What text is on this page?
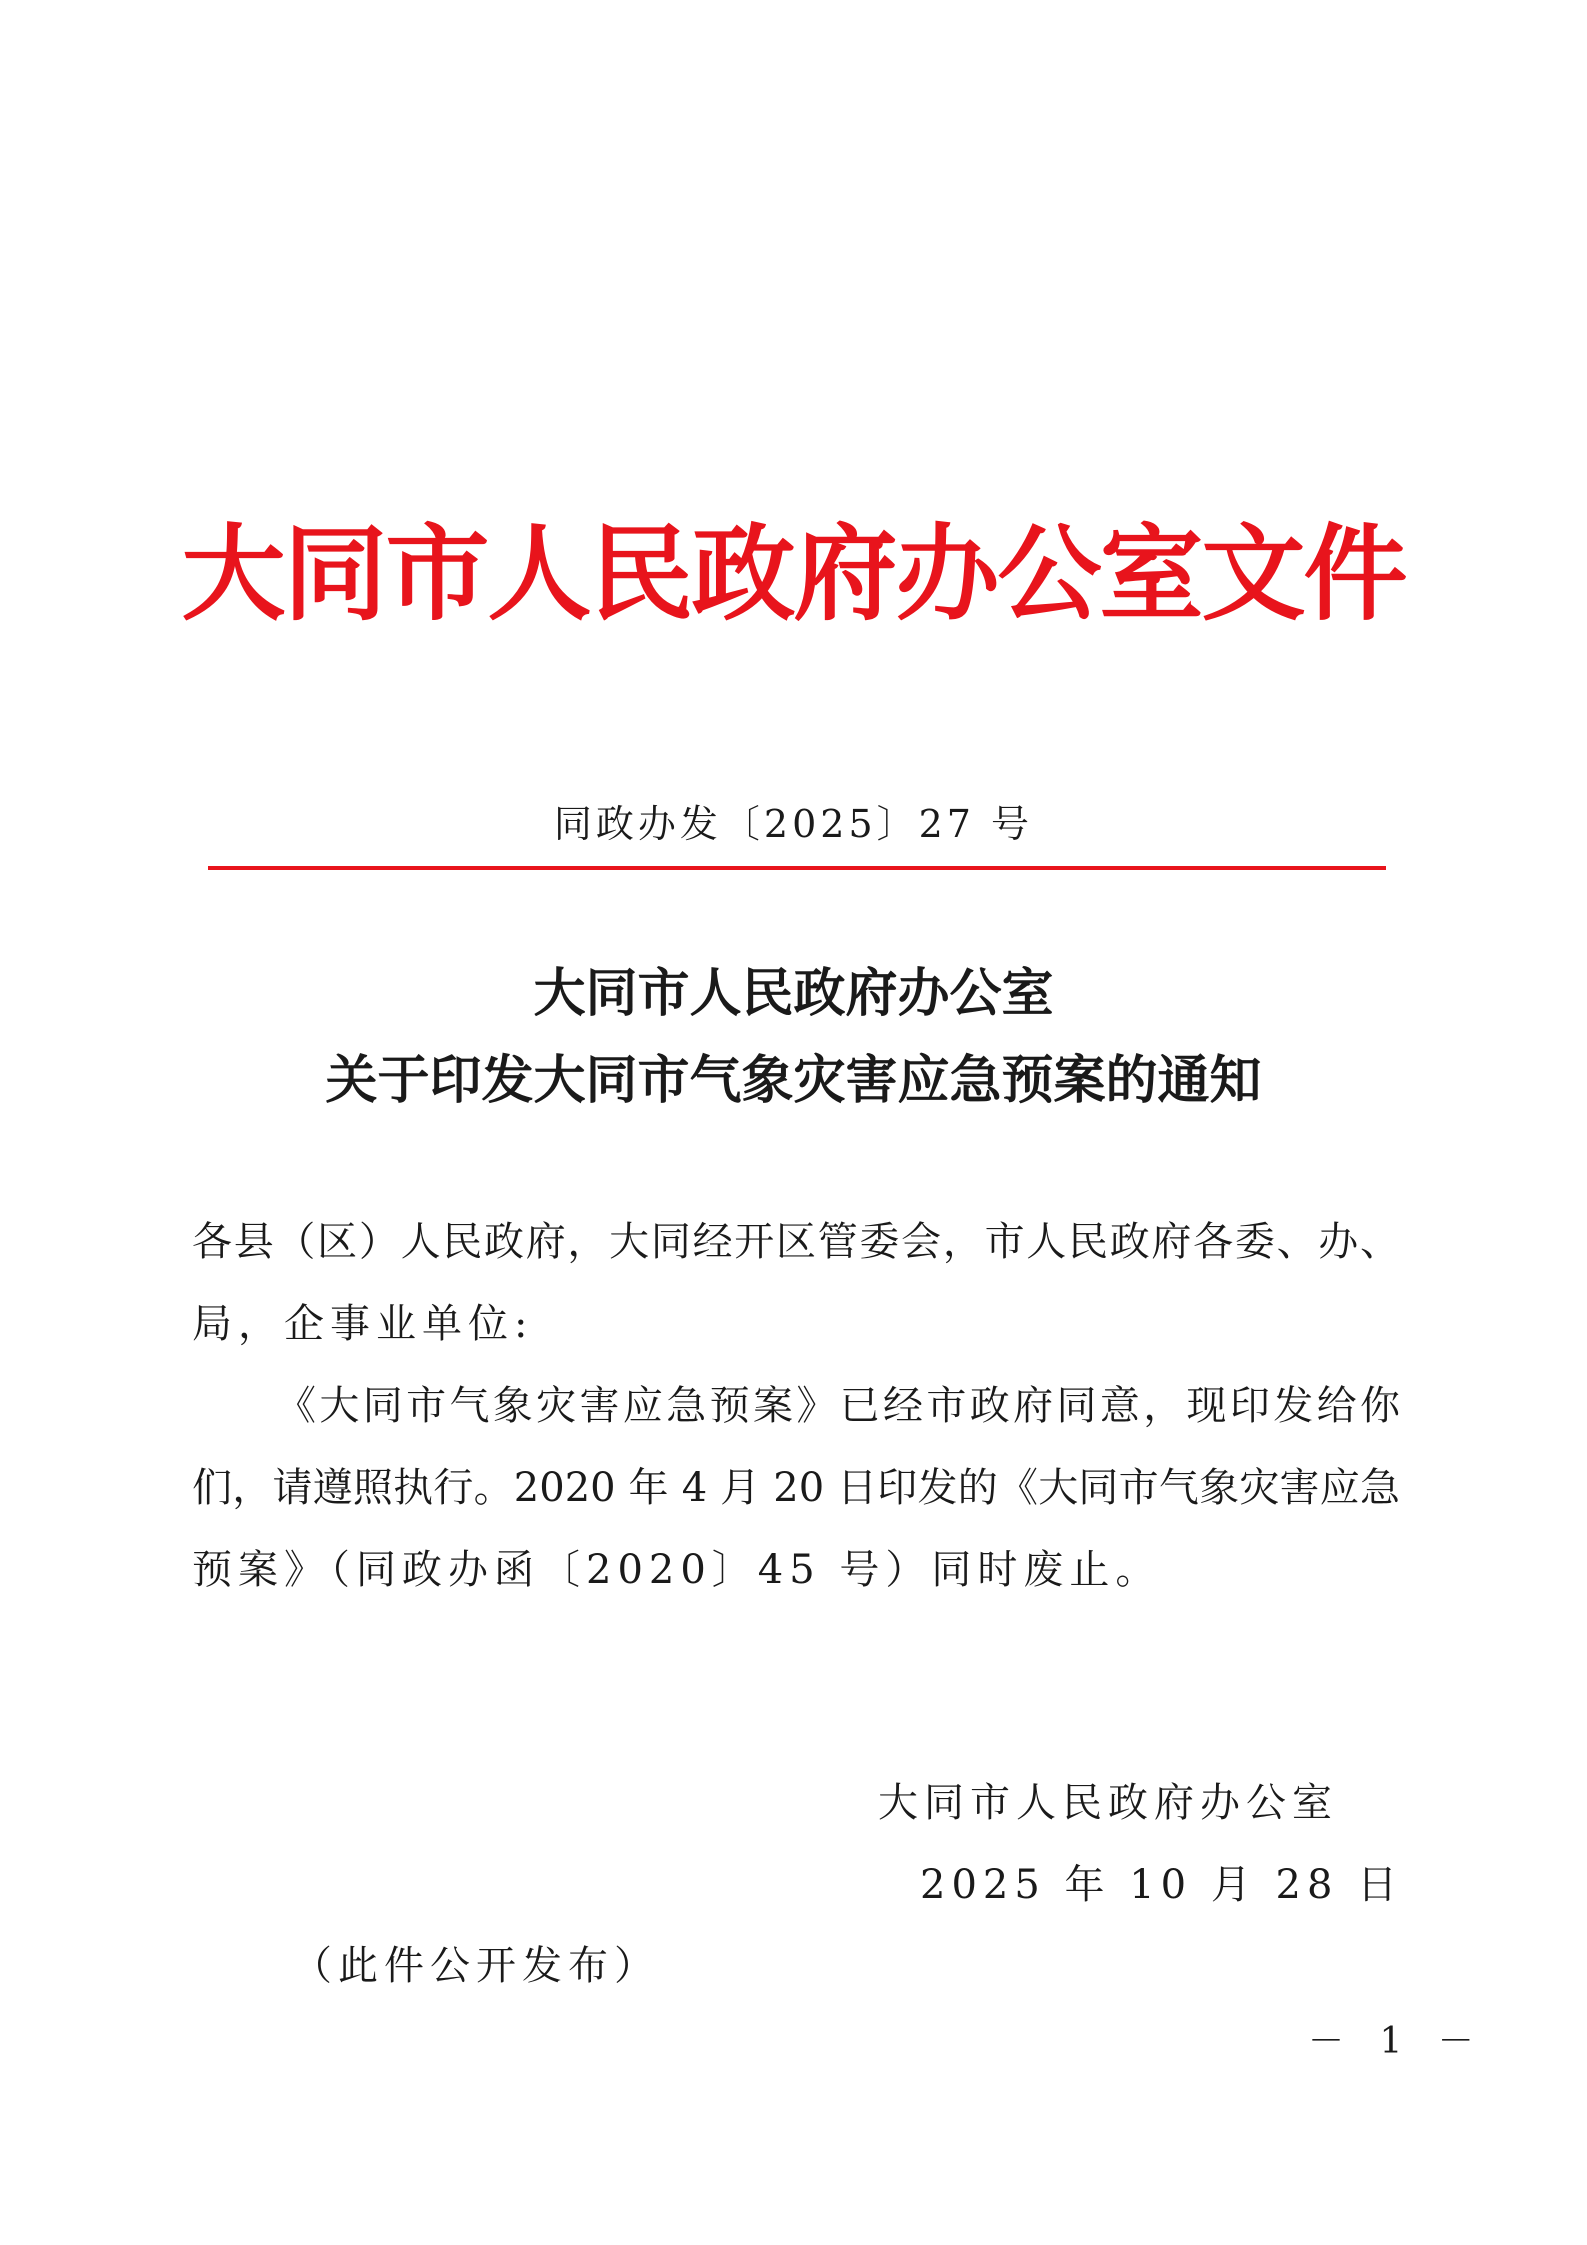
大同市人民政府办公室文件
同政办发〔2025〕27 号
大同市人民政府办公室
关于印发大同市气象灾害应急预案的通知
各县（区）人民政府，大同经开区管委会，市人民政府各委、办、
局，企事业单位:
《大同市气象灾害应急预案》已经市政府同意，现印发给你
们，请遵照执行。2020 年 4 月 20 日印发的《大同市气象灾害应急
预案》（同政办函〔2020〕45 号）同时废止。
大同市人民政府办公室
2025 年 10 月 28 日
（此件公开发布）
－ 1 －
